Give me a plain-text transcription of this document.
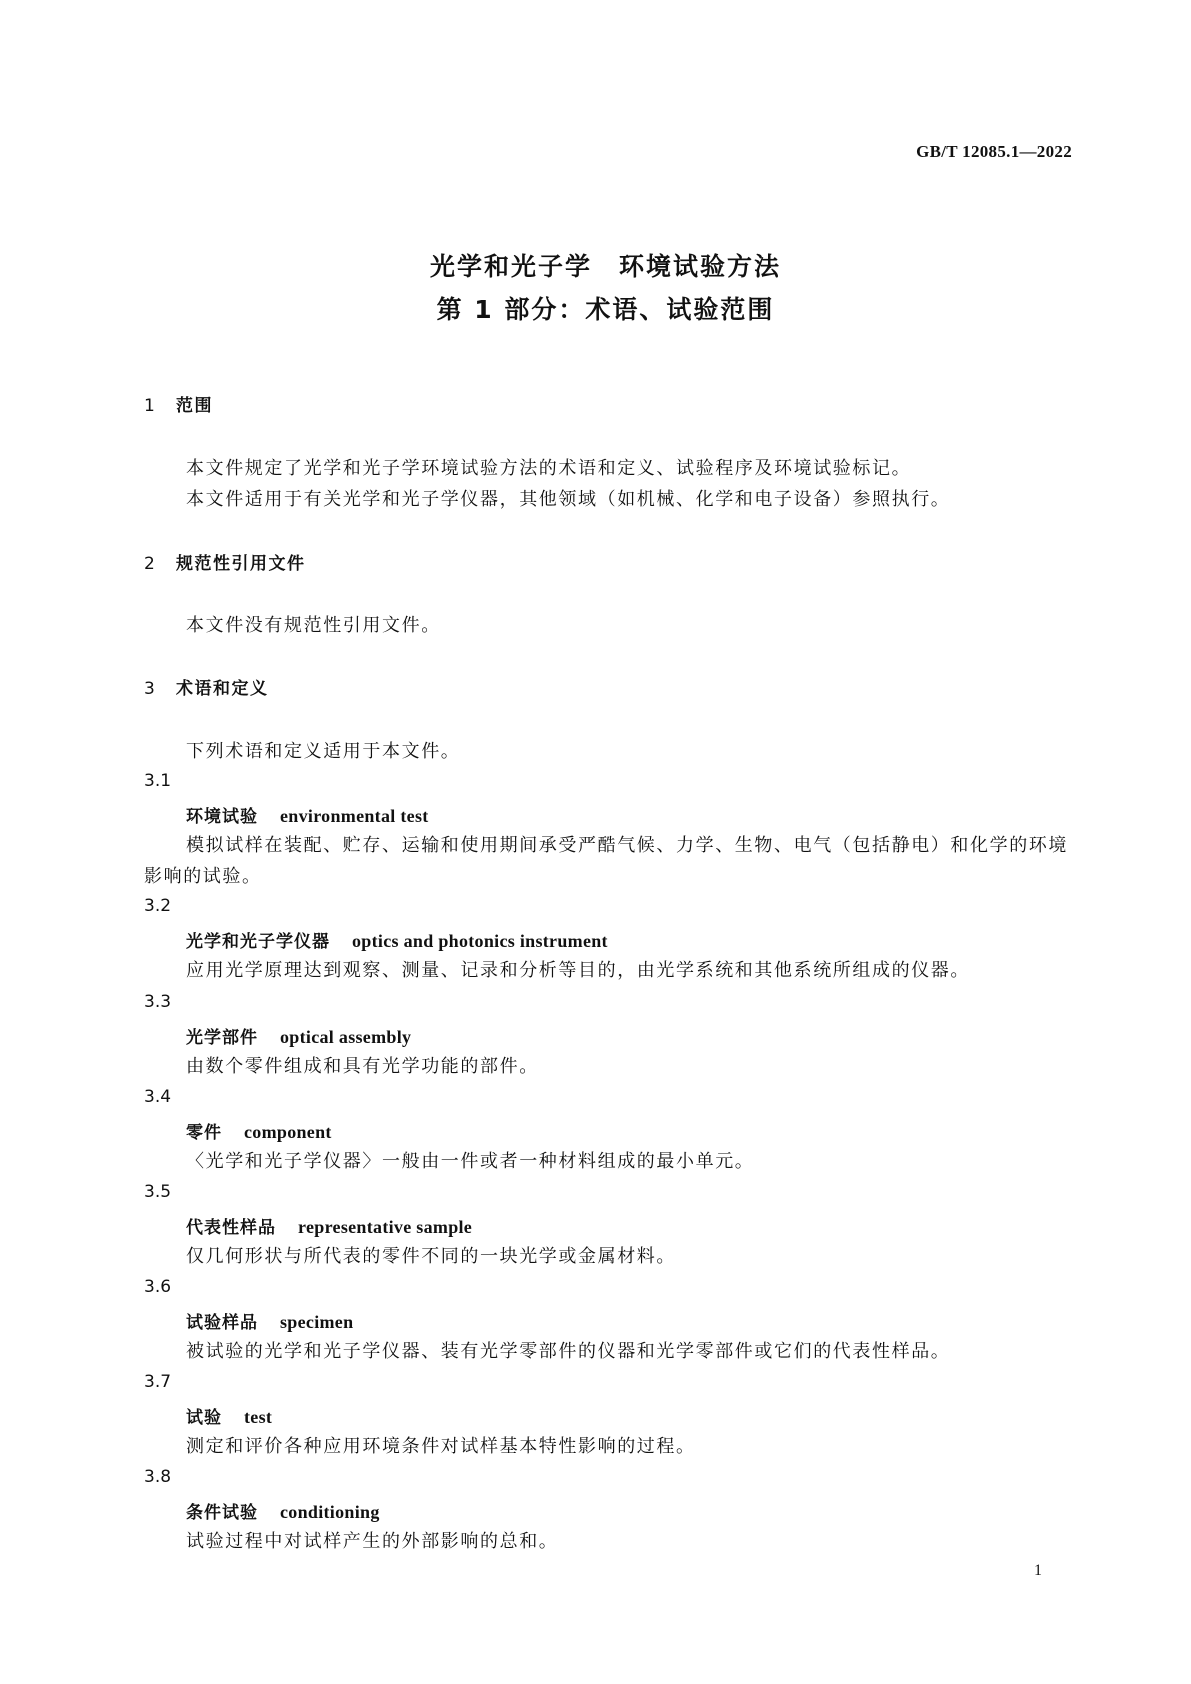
GB/T 12085.1—2022
光学和光子学　环境试验方法
第 1 部分：术语、试验范围
1 范围
本文件规定了光学和光子学环境试验方法的术语和定义、试验程序及环境试验标记。
本文件适用于有关光学和光子学仪器，其他领域（如机械、化学和电子设备）参照执行。
2 规范性引用文件
本文件没有规范性引用文件。
3 术语和定义
下列术语和定义适用于本文件。
3.1
环境试验 environmental test
模拟试样在装配、贮存、运输和使用期间承受严酷气候、力学、生物、电气（包括静电）和化学的环境影响的试验。
3.2
光学和光子学仪器 optics and photonics instrument
应用光学原理达到观察、测量、记录和分析等目的，由光学系统和其他系统所组成的仪器。
3.3
光学部件 optical assembly
由数个零件组成和具有光学功能的部件。
3.4
零件 component
〈光学和光子学仪器〉一般由一件或者一种材料组成的最小单元。
3.5
代表性样品 representative sample
仅几何形状与所代表的零件不同的一块光学或金属材料。
3.6
试验样品 specimen
被试验的光学和光子学仪器、装有光学零部件的仪器和光学零部件或它们的代表性样品。
3.7
试验 test
测定和评价各种应用环境条件对试样基本特性影响的过程。
3.8
条件试验 conditioning
试验过程中对试样产生的外部影响的总和。
1
